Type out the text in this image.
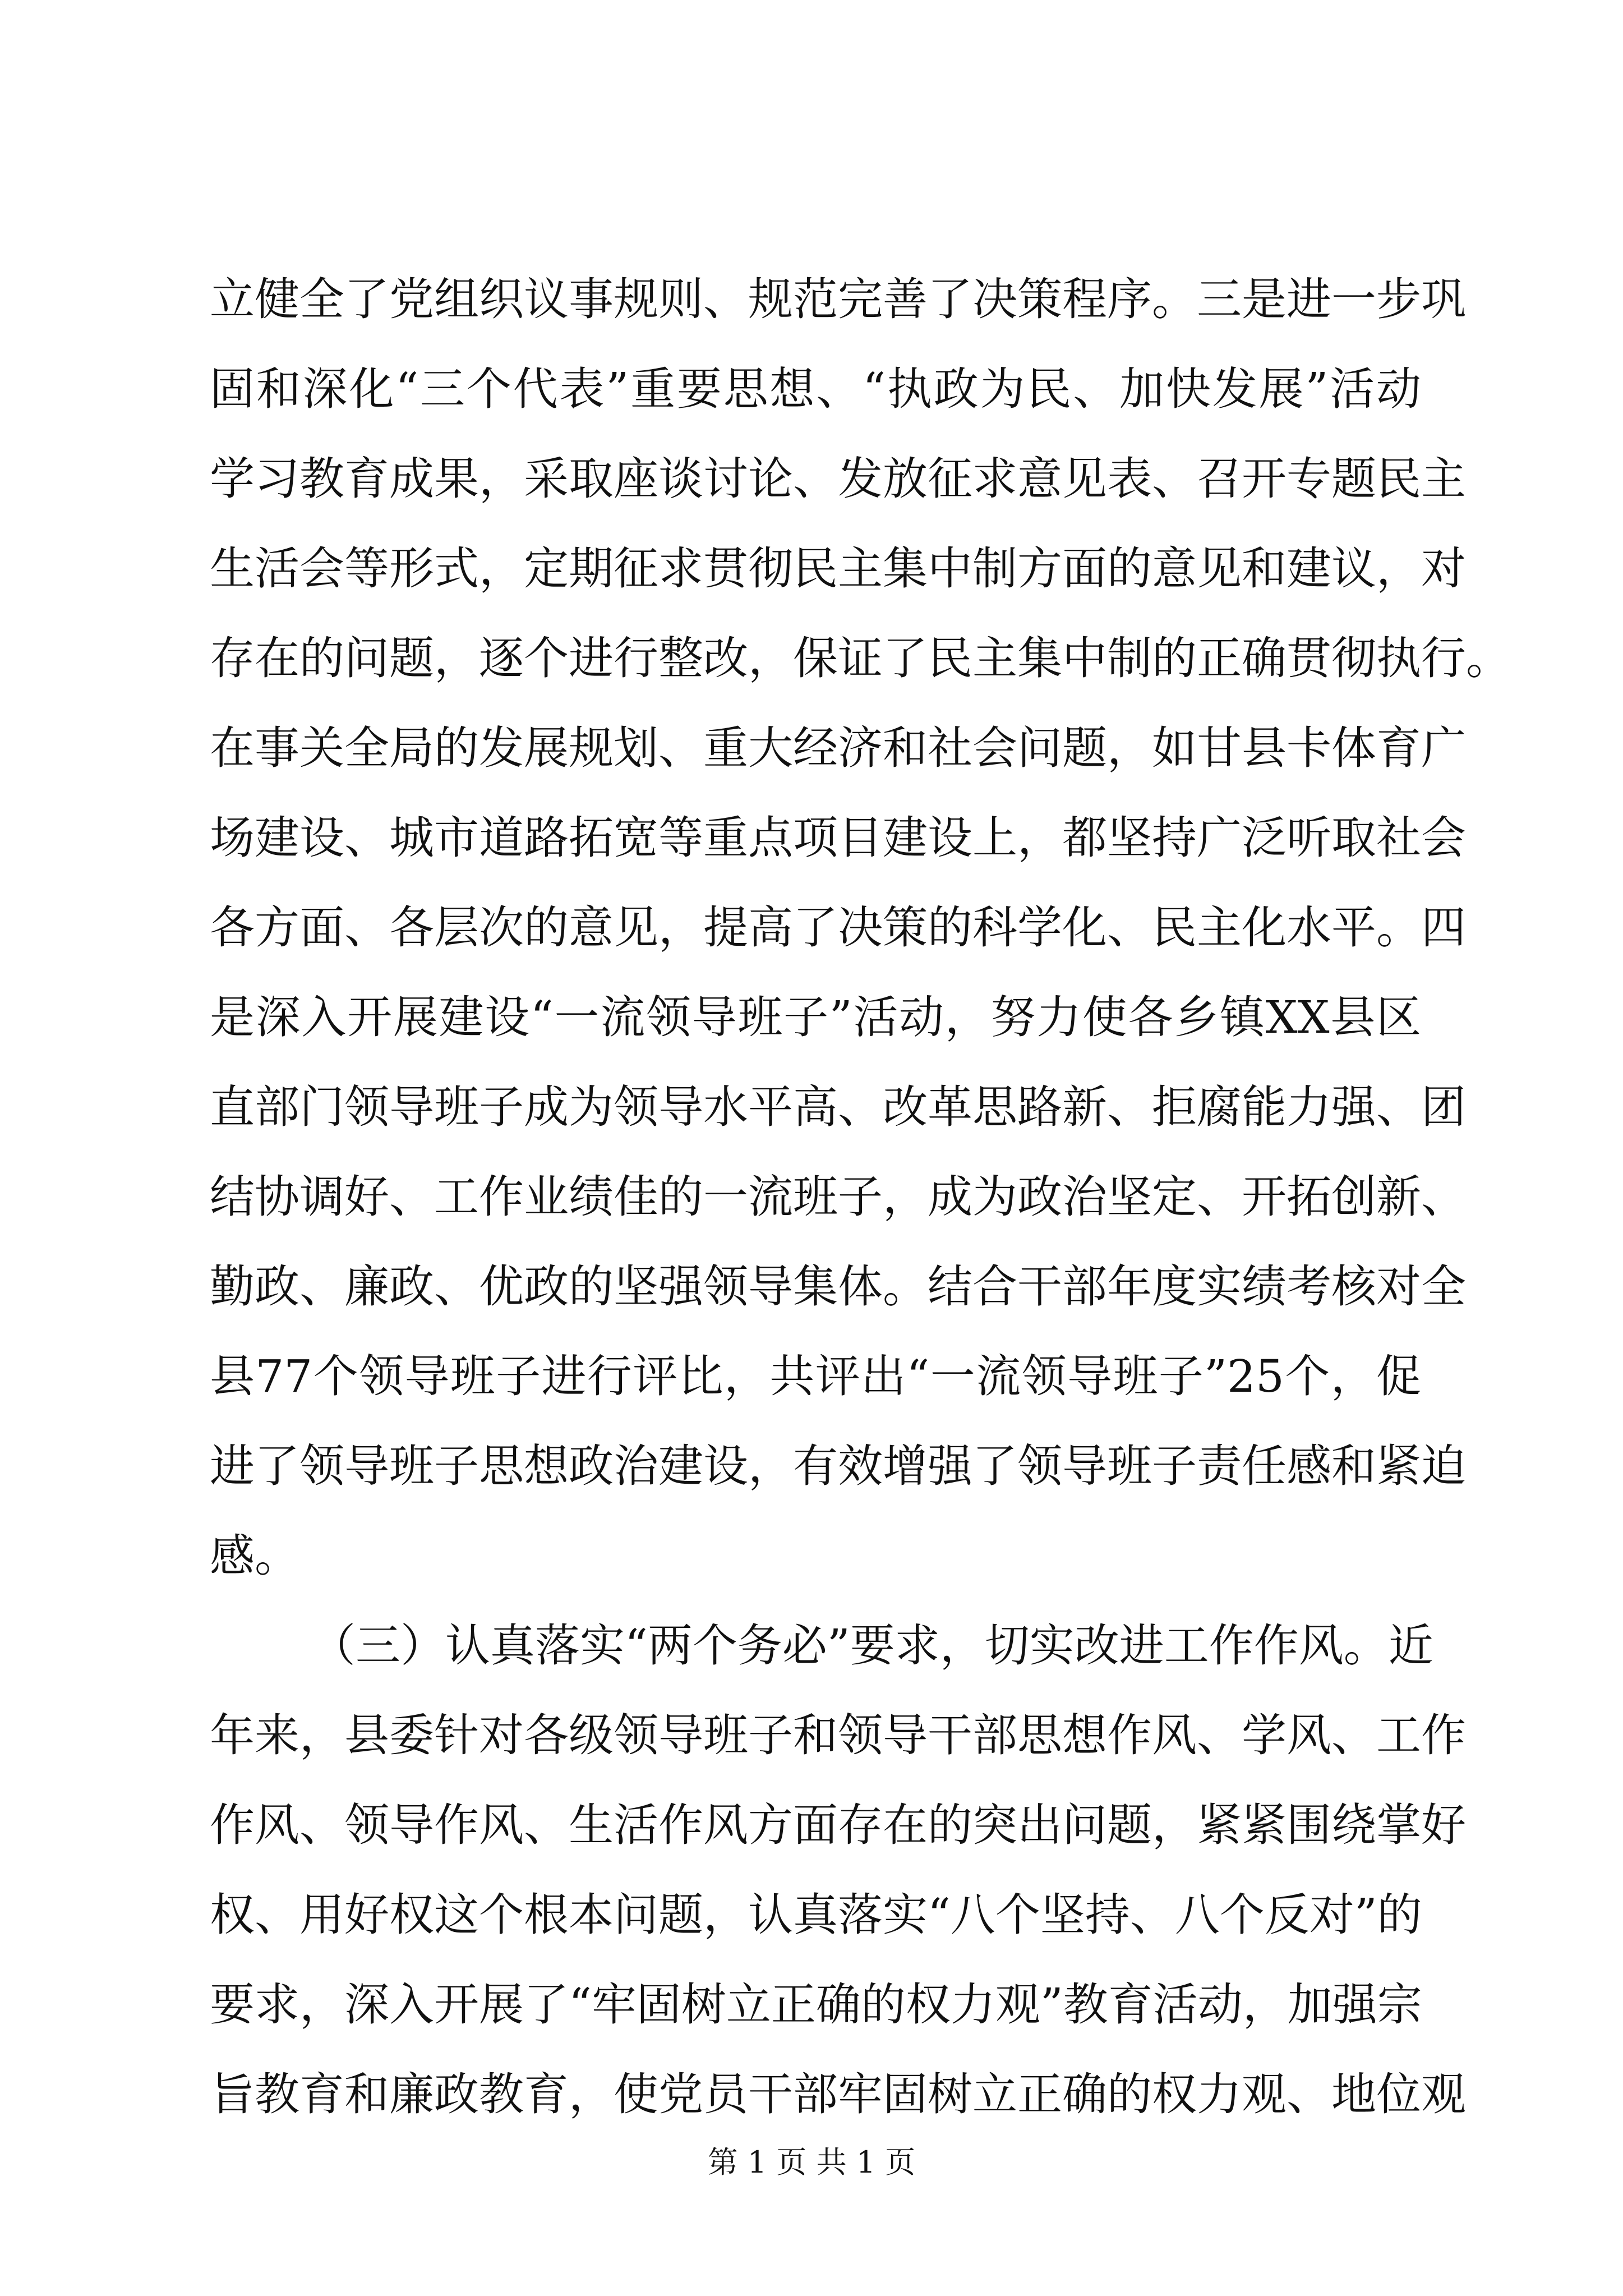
立健全了党组织议事规则、规范完善了决策程序。三是进一步巩
固和深化“三个代表”重要思想、“执政为民、加快发展”活动
学习教育成果，采取座谈讨论、发放征求意见表、召开专题民主
生活会等形式，定期征求贯彻民主集中制方面的意见和建议，对
存在的问题，逐个进行整改，保证了民主集中制的正确贯彻执行。
在事关全局的发展规划、重大经济和社会问题，如甘县卡体育广
场建设、城市道路拓宽等重点项目建设上，都坚持广泛听取社会
各方面、各层次的意见，提高了决策的科学化、民主化水平。四
是深入开展建设“一流领导班子”活动，努力使各乡镇XX县区
直部门领导班子成为领导水平高、改革思路新、拒腐能力强、团
结协调好、工作业绩佳的一流班子，成为政治坚定、开拓创新、
勤政、廉政、优政的坚强领导集体。结合干部年度实绩考核对全
县77个领导班子进行评比，共评出“一流领导班子”25个，促
进了领导班子思想政治建设，有效增强了领导班子责任感和紧迫
感。
（三）认真落实“两个务必”要求，切实改进工作作风。近
年来，县委针对各级领导班子和领导干部思想作风、学风、工作
作风、领导作风、生活作风方面存在的突出问题，紧紧围绕掌好
权、用好权这个根本问题，认真落实“八个坚持、八个反对”的
要求，深入开展了“牢固树立正确的权力观”教育活动，加强宗
旨教育和廉政教育，使党员干部牢固树立正确的权力观、地位观
第 1 页 共 1 页
